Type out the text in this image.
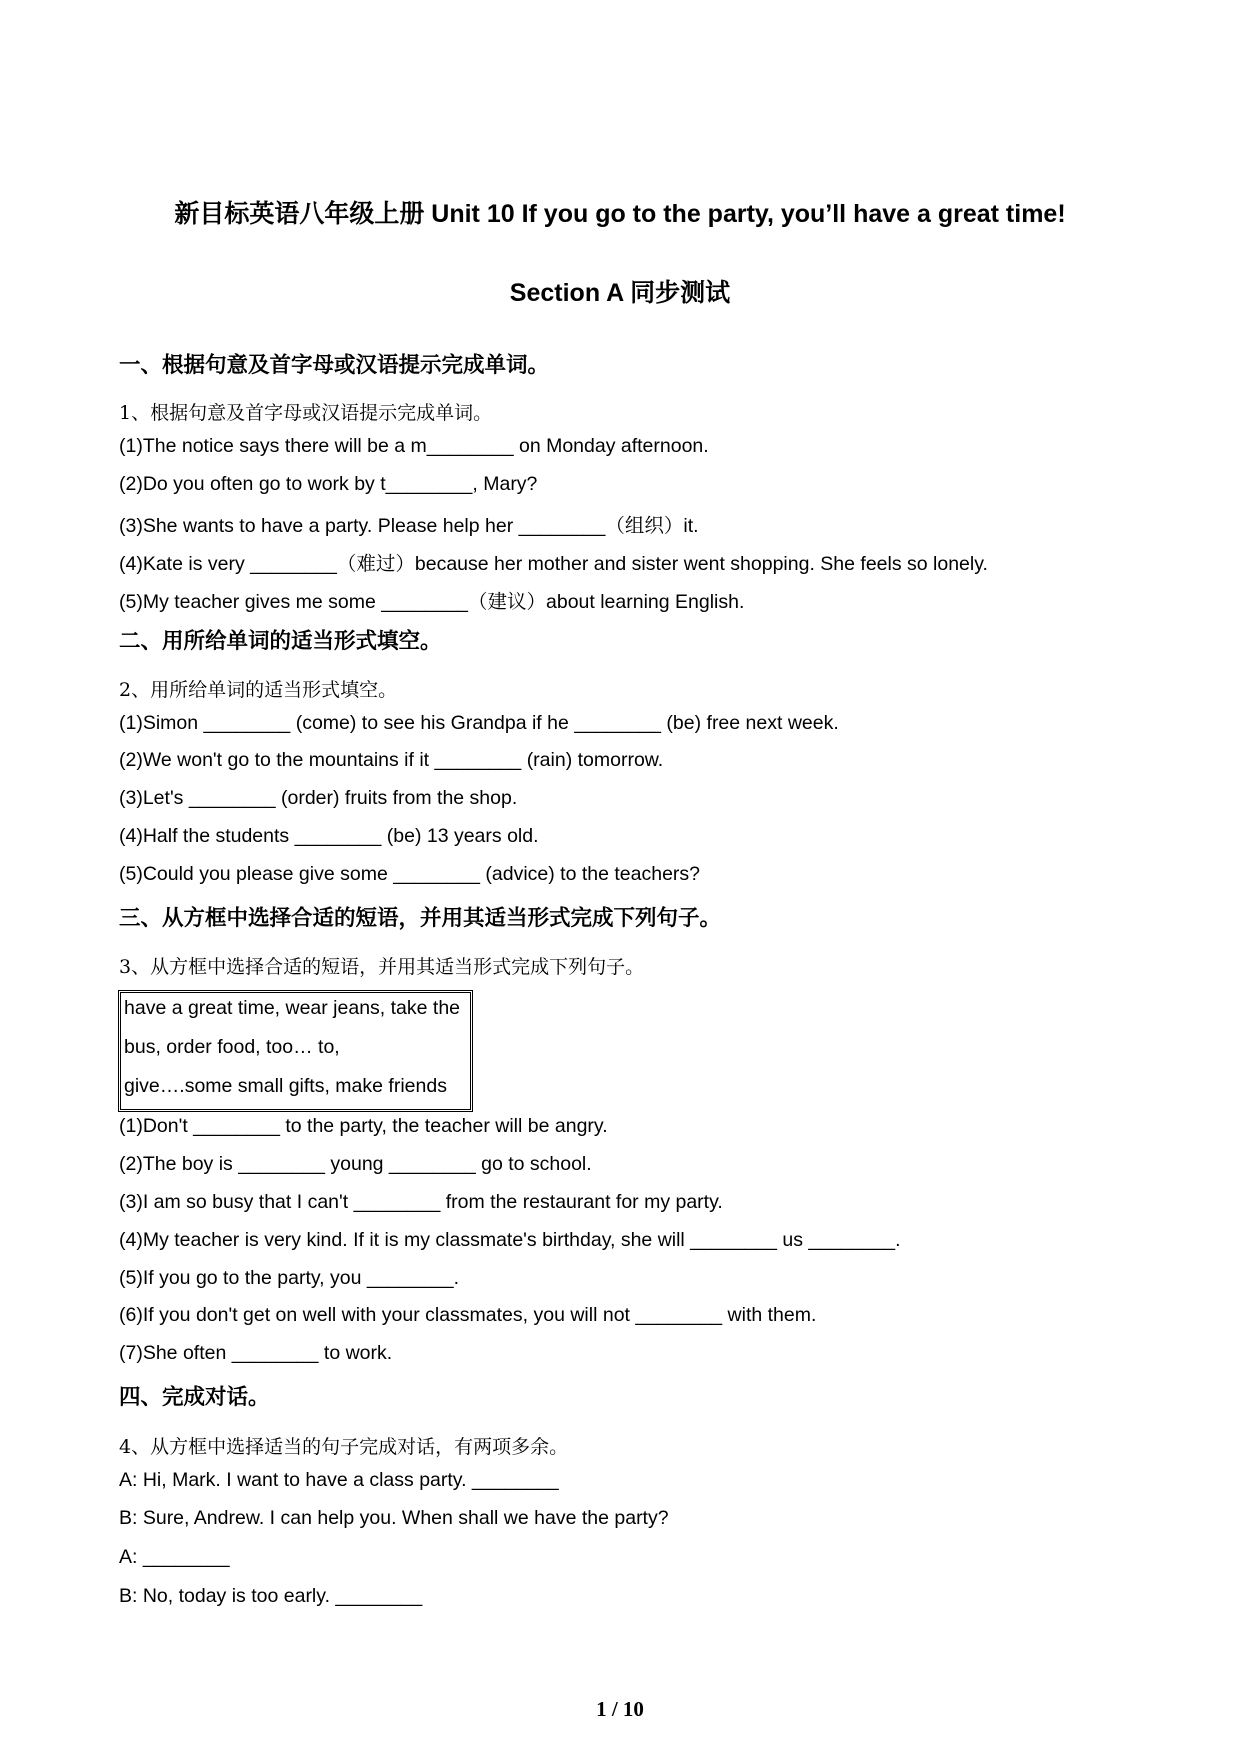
新目标英语八年级上册 Unit 10 If you go to the party, you’ll have a great time!
Section A 同步测试
一、根据句意及首字母或汉语提示完成单词。
1、根据句意及首字母或汉语提示完成单词。
(1)The notice says there will be a m________ on Monday afternoon.
(2)Do you often go to work by t________, Mary?
(3)She wants to have a party. Please help her ________（组织）it.
(4)Kate is very ________（难过）because her mother and sister went shopping. She feels so lonely.
(5)My teacher gives me some ________（建议）about learning English.
二、用所给单词的适当形式填空。
2、用所给单词的适当形式填空。
(1)Simon ________ (come) to see his Grandpa if he ________ (be) free next week.
(2)We won't go to the mountains if it ________ (rain) tomorrow.
(3)Let's ________ (order) fruits from the shop.
(4)Half the students ________ (be) 13 years old.
(5)Could you please give some ________ (advice) to the teachers?
三、从方框中选择合适的短语，并用其适当形式完成下列句子。
3、从方框中选择合适的短语，并用其适当形式完成下列句子。
have a great time, wear jeans, take the
bus, order food, too… to,
give….some small gifts, make friends
(1)Don't ________ to the party, the teacher will be angry.
(2)The boy is ________ young ________ go to school.
(3)I am so busy that I can't ________ from the restaurant for my party.
(4)My teacher is very kind. If it is my classmate's birthday, she will ________ us ________.
(5)If you go to the party, you ________.
(6)If you don't get on well with your classmates, you will not ________ with them.
(7)She often ________ to work.
四、完成对话。
4、从方框中选择适当的句子完成对话，有两项多余。
A: Hi, Mark. I want to have a class party. ________
B: Sure, Andrew. I can help you. When shall we have the party?
A: ________
B: No, today is too early. ________
1 / 10
